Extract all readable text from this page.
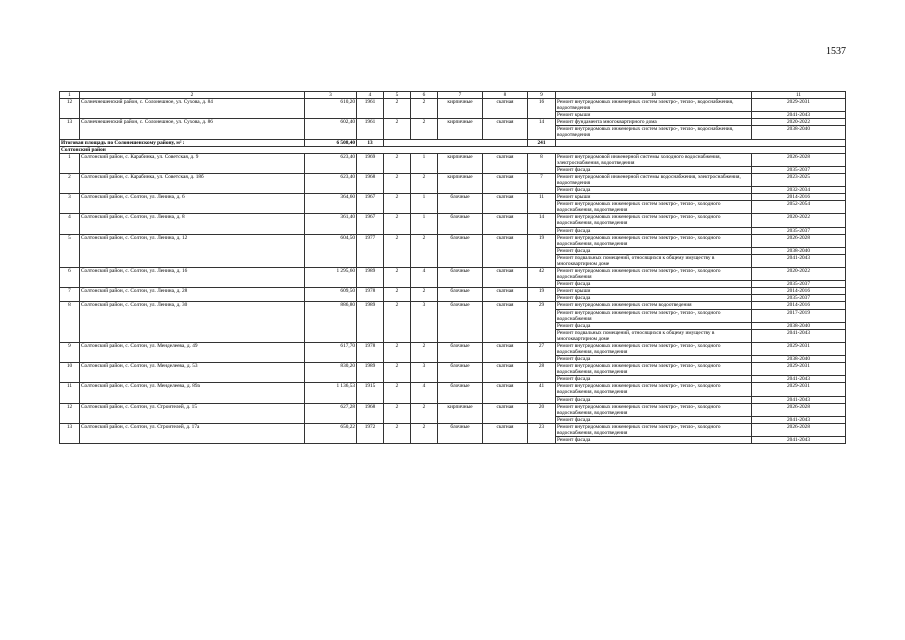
1537
1	2	3	4	5	6	7	8	9	10	11
12	Солнечнешенский район, с. Солонешное, ул. Сухова, д. 84	610,20	1961	2	2	кирпичные	скатная	16	Ремонт внутридомовых инженерных систем электро-, тепло-, водоснабжения, водоотведения	2029-2031
									Ремонт крыши	2041-2043
13	Солнечнешенский район, с. Солонешное, ул. Сухова, д. 86	602,40	1961	2	2	кирпичные	скатная	14	Ремонт фундамента многоквартирного дома	2020-2022
									Ремонт внутридомовых инженерных систем электро-, тепло-, водоснабжения, водоотведения	2038-2040
Итоговая площадь по Солонешенскому району, м² :		6 508,40	13					241		
Солтонский район										
1	Солтонский район, с. Карабинка, ул. Советская, д. 9	623,40	1969	2	1	кирпичные	скатная	8	Ремонт внутридомовой инженерной системы холодного водоснабжения, электроснабжения, водоотведения	2026-2028
									Ремонт фасада	2035-2037
2	Солтонский район, с. Карабинка, ул. Советская, д. 18б	623,40	1968	2	2	кирпичные	скатная	7	Ремонт внутридомовой инженерной системы водоснабжения, электроснабжения, водоотведения	2023-2025
									Ремонт фасада	2032-2034
3	Солтонский район, с. Солтон, ул. Ленина, д. 6	364,60	1967	2	1	блочные	скатная	11	Ремонт крыши	2014-2016
									Ремонт внутридомовых инженерных систем электро-, тепло-, холодного водоснабжения, водоотведения	2052-2054
4	Солтонский район, с. Солтон, ул. Ленина, д. 8	361,40	1967	2	1	блочные	скатная	14	Ремонт внутридомовых инженерных систем электро-, тепло-, холодного водоснабжения, водоотведения	2020-2022
									Ремонт фасада	2035-2037
5	Солтонский район, с. Солтон, ул. Ленина, д. 12	604,50	1977	2	2	блочные	скатная	19	Ремонт внутридомовых инженерных систем электро-, тепло-, холодного водоснабжения, водоотведения	2026-2028
									Ремонт фасада	2038-2040
									Ремонт подвальных помещений, относящихся к общему имуществу в многоквартирном доме	2041-2043
6	Солтонский район, с. Солтон, ул. Ленина, д. 16	1 295,60	1989	2	4	блочные	скатная	42	Ремонт внутридомовых инженерных систем электро-, тепло-, холодного водоснабжения	2020-2022
									Ремонт фасада	2035-2037
7	Солтонский район, с. Солтон, ул. Ленина, д. 28	609,50	1978	2	2	блочные	скатная	19	Ремонт крыши	2014-2016
									Ремонт фасада	2035-2037
8	Солтонский район, с. Солтон, ул. Ленина, д. 30	886,80	1989	2	3	блочные	скатная	29	Ремонт внутридомовых инженерных систем водоотведения	2014-2016
									Ремонт внутридомовых инженерных систем электро-, тепло-, холодного водоснабжения	2017-2019
									Ремонт фасада	2038-2040
									Ремонт подвальных помещений, относящихся к общему имуществу в многоквартирном доме	2041-2043
9	Солтонский район, с. Солтон, ул. Менделеева, д. 49	617,70	1978	2	2	блочные	скатная	27	Ремонт внутридомовых инженерных систем электро-, тепло-, холодного водоснабжения, водоотведения	2029-2031
									Ремонт фасада	2038-2040
10	Солтонский район, с. Солтон, ул. Менделеева, д. 53	830,20	1989	2	3	блочные	скатная	28	Ремонт внутридомовых инженерных систем электро-, тепло-, холодного водоснабжения, водоотведения	2029-2031
									Ремонт фасада	2041-2043
11	Солтонский район, с. Солтон, ул. Менделеева, д. 89а	1 136,53	1915	2	4	блочные	скатная	41	Ремонт внутридомовых инженерных систем электро-, тепло-, холодного водоснабжения, водоотведения	2029-2031
									Ремонт фасада	2041-2043
12	Солтонский район, с. Солтон, ул. Строителей, д. 15	627,28	1968	2	2	кирпичные	скатная	20	Ремонт внутридомовых инженерных систем электро-, тепло-, холодного водоснабжения, водоотведения	2026-2028
									Ремонт фасада	2041-2043
13	Солтонский район, с. Солтон, ул. Строителей, д. 17а	650,22	1972	2	2	блочные	скатная	23	Ремонт внутридомовых инженерных систем электро-, тепло-, холодного водоснабжения, водоотведения	2026-2028
									Ремонт фасада	2041-2043
